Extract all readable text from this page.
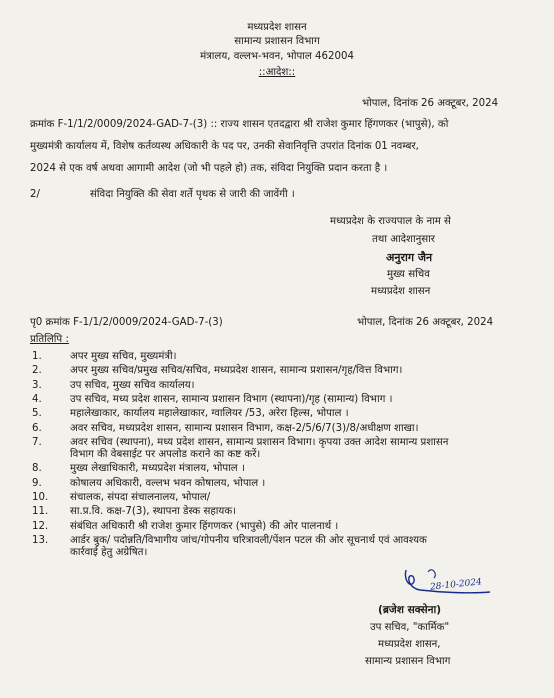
मध्यप्रदेश शासन
सामान्य प्रशासन विभाग
मंत्रालय, वल्लभ-भवन, भोपाल 462004
::आदेश::
भोपाल, दिनांक 26 अक्टूबर, 2024
क्रमांक F-1/1/2/0009/2024-GAD-7-(3) :: राज्य शासन एतदद्वारा श्री राजेश कुमार हिंगणकर (भापुसे), को
मुख्यमंत्री कार्यालय में, विशेष कर्तव्यस्थ अधिकारी के पद पर, उनकी सेवानिवृत्ति उपरांत दिनांक 01 नवम्बर,
2024 से एक वर्ष अथवा आगामी आदेश (जो भी पहले हो) तक, संविदा नियुक्ति प्रदान करता है ।
2/	संविदा नियुक्ति की सेवा शर्ते पृथक से जारी की जावेंगी ।
मध्यप्रदेश के राज्यपाल के नाम से
तथा आदेशानुसार
अनुराग जैन
मुख्य सचिव
मध्यप्रदेश शासन
पृ0 क्रमांक F-1/1/2/0009/2024-GAD-7-(3)	भोपाल, दिनांक 26 अक्टूबर, 2024
प्रतिलिपि :
1.	अपर मुख्य सचिव, मुख्यमंत्री।
2.	अपर मुख्य सचिव/प्रमुख सचिव/सचिव, मध्यप्रदेश शासन, सामान्य प्रशासन/गृह/वित्त विभाग।
3.	उप सचिव, मुख्य सचिव कार्यालय।
4.	उप सचिव, मध्य प्रदेश शासन, सामान्य प्रशासन विभाग (स्थापना)/गृह (सामान्य) विभाग ।
5.	महालेखाकार, कार्यालय महालेखाकार, ग्वालियर /53, अरेरा हिल्स, भोपाल ।
6.	अवर सचिव, मध्यप्रदेश शासन, सामान्य प्रशासन विभाग, कक्ष-2/5/6/7(3)/8/अधीक्षण शाखा।
7.	अवर सचिव (स्थापना), मध्य प्रदेश शासन, सामान्य प्रशासन विभाग। कृपया उक्त आदेश सामान्य प्रशासन
विभाग की वेबसाईट पर अपलोड कराने का कष्ट करें।
8.	मुख्य लेखाधिकारी, मध्यप्रदेश मंत्रालय, भोपाल ।
9.	कोषालय अधिकारी, वल्लभ भवन कोषालय, भोपाल ।
10. संचालक, संपदा संचालनालय, भोपाल/
11. सा.प्र.वि. कक्ष-7(3), स्थापना डेस्क सहायक।
12. संबंधित अधिकारी श्री राजेश कुमार हिंगणकर (भापुसे) की ओर पालनार्थ ।
13. आर्डर बुक/ पदोन्नति/विभागीय जांच/गोपनीय चरित्रावली/पेंशन पटल की ओर सूचनार्थ एवं आवश्यक
कार्रवाई हेतु अग्रेषित।
28-10-2024
(ब्रजेश सक्सेना)
उप सचिव, "कार्मिक"
मध्यप्रदेश शासन,
सामान्य प्रशासन विभाग
